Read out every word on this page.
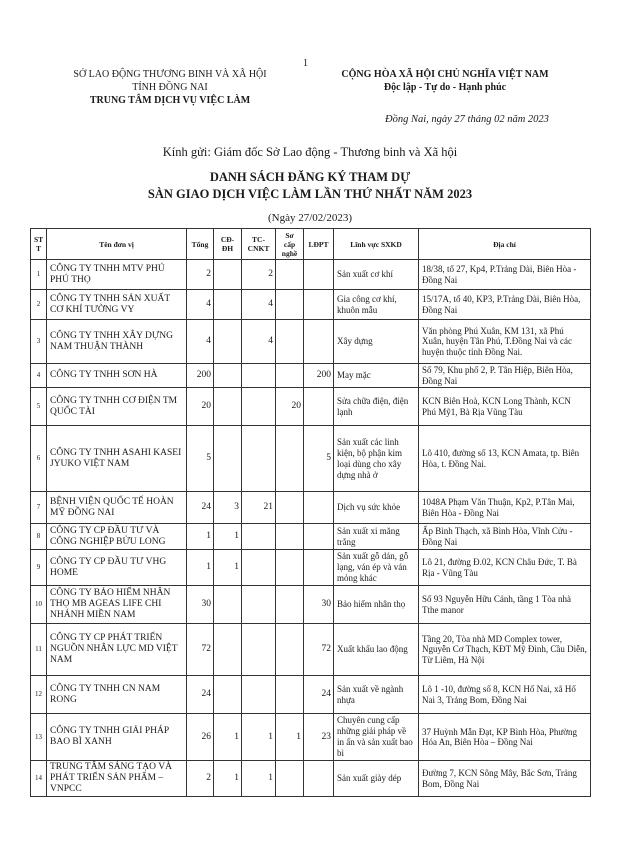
1
SỞ LAO ĐỘNG THƯƠNG BINH VÀ XÃ HỘI
TỈNH ĐỒNG NAI
TRUNG TÂM DỊCH VỤ VIỆC LÀM
CỘNG HÒA XÃ HỘI CHỦ NGHĨA VIỆT NAM
Độc lập - Tự do - Hạnh phúc
Đồng Nai, ngày 27 tháng 02 năm 2023
Kính gửi: Giám đốc Sở Lao động - Thương binh và Xã hội
DANH SÁCH ĐĂNG KÝ THAM DỰ
SÀN GIAO DỊCH VIỆC LÀM LẦN THỨ NHẤT NĂM 2023
(Ngày 27/02/2023)
ST T	Tên đơn vị	Tổng	CĐ-ĐH	TC-CNKT	Sơ cấp nghề	LĐPT	Lĩnh vực SXKD	Địa chỉ
1	CÔNG TY TNHH MTV PHÚ PHÚ THỌ	2		2			Sản xuất cơ khí	18/38, tổ 27, Kp4, P.Trảng Dài, Biên Hòa - Đồng Nai
2	CÔNG TY TNHH SẢN XUẤT CƠ KHÍ TƯỜNG VY	4		4			Gia công cơ khí, khuôn mẫu	15/17A, tổ 40, KP3, P.Trảng Dài, Biên Hòa, Đồng Nai
3	CÔNG TY TNHH XÂY DỰNG NAM THUẬN THÀNH	4		4			Xây dựng	Văn phòng Phú Xuân, KM 131, xã Phú Xuân, huyện Tân Phú, T.Đồng Nai và các huyện thuộc tỉnh Đồng Nai.
4	CÔNG TY TNHH SƠN HÀ	200				200	May mặc	Số 79, Khu phố 2, P. Tân Hiệp, Biên Hòa, Đồng Nai
5	CÔNG TY TNHH CƠ ĐIỆN TM QUỐC TÀI	20			20		Sửa chữa điện, điện lạnh	KCN Biên Hoà, KCN Long Thành, KCN Phú Mỹ1, Bà Rịa Vũng Tàu
6	CÔNG TY TNHH ASAHI KASEI JYUKO VIỆT NAM	5				5	Sản xuất các linh kiện, bộ phận kim loại dùng cho xây dựng nhà ở	Lô 410, đường số 13, KCN Amata, tp. Biên Hòa, t. Đồng Nai.
7	BỆNH VIỆN QUỐC TẾ HOÀN MỸ ĐỒNG NAI	24	3	21			Dịch vụ sức khỏe	1048A Phạm Văn Thuận, Kp2, P.Tân Mai, Biên Hòa - Đồng Nai
8	CÔNG TY CP ĐẦU TƯ VÀ CÔNG NGHIỆP BỬU LONG	1	1				Sản xuất xi măng trắng	Ấp Bình Thạch, xã Bình Hòa, Vĩnh Cửu - Đồng Nai
9	CÔNG TY CP ĐẦU TƯ VHG HOME	1	1				Sản xuất gỗ dán, gỗ lạng, ván ép và ván mỏng khác	Lô 21, đường Đ.02, KCN Châu Đức, T. Bà Rịa - Vũng Tàu
10	CÔNG TY BẢO HIỂM NHÂN THỌ MB AGEAS LIFE CHI NHÁNH MIỀN NAM	30				30	Bảo hiểm nhân thọ	Số 93 Nguyễn Hữu Cảnh, tầng 1 Tòa nhà Tthe manor
11	CÔNG TY CP PHÁT TRIỂN NGUỒN NHÂN LỰC MD VIỆT NAM	72				72	Xuất khẩu lao động	Tầng 20, Tòa nhà MD Complex tower, Nguyễn Cơ Thạch, KĐT Mỹ Đình, Cầu Diễn, Từ Liêm, Hà Nội
12	CÔNG TY TNHH CN NAM RONG	24				24	Sản xuất về ngành nhựa	Lô 1 -10, đường số 8, KCN Hố Nai, xã Hố Nai 3, Trảng Bom, Đồng Nai
13	CÔNG TY TNHH GIẢI PHÁP BAO BÌ XANH	26	1	1	1	23	Chuyên cung cấp những giải pháp về in ấn và sản xuất bao bì	37 Huỳnh Mẫn Đạt, KP Bình Hòa, Phường Hóa An, Biên Hòa – Đồng Nai
14	TRUNG TÂM SÁNG TẠO VÀ PHÁT TRIỂN SẢN PHẨM – VNPCC	2	1	1			Sản xuất giày dép	Đường 7, KCN Sông Mây, Bắc Sơn, Trảng Bom, Đồng Nai
